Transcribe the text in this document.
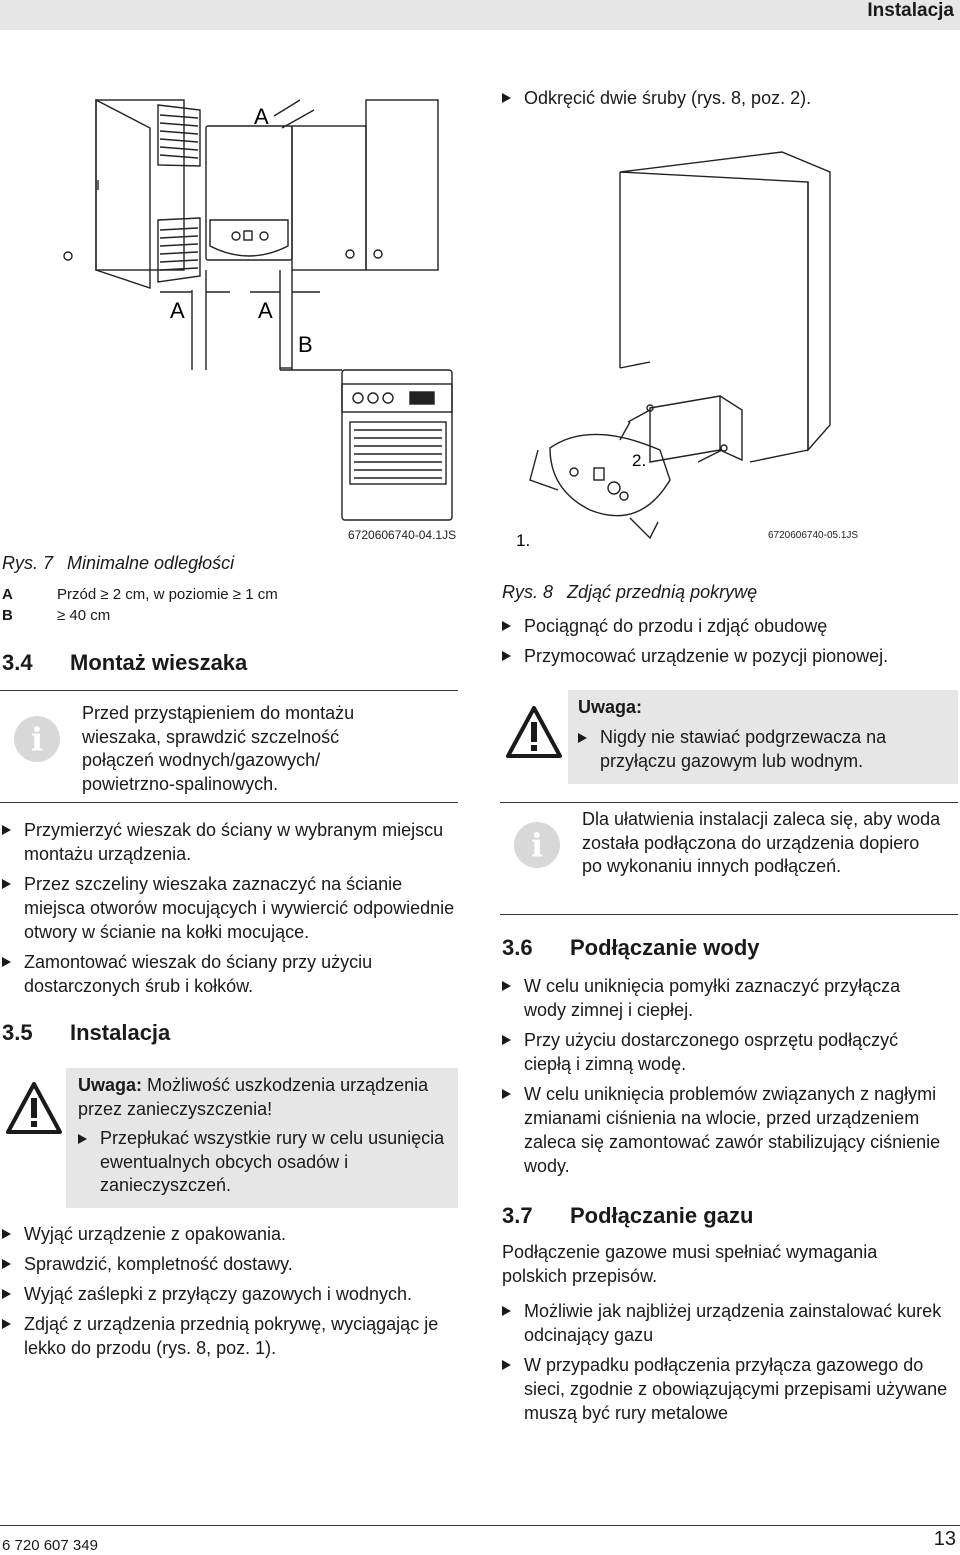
Instalacja
A
A	A
B
6720606740-04.1JS
Rys. 7 Minimalne odległości
A	Przód ≥ 2 cm, w poziomie ≥ 1 cm
B	≥ 40 cm
3.4 Montaż wieszaka
i
Przed przystąpieniem do montażu wieszaka, sprawdzić szczelność połączeń wodnych/gazowych/ powietrzno-spalinowych.
Przymierzyć wieszak do ściany w wybranym miejscu montażu urządzenia.
Przez szczeliny wieszaka zaznaczyć na ścianie miejsca otworów mocujących i wywiercić odpowiednie otwory w ścianie na kołki mocujące.
Zamontować wieszak do ściany przy użyciu dostarczonych śrub i kołków.
3.5 Instalacja
Uwaga: Możliwość uszkodzenia urządzenia przez zanieczyszczenia!
Przepłukać wszystkie rury w celu usunięcia ewentualnych obcych osadów i zanieczyszczeń.
Wyjąć urządzenie z opakowania.
Sprawdzić, kompletność dostawy.
Wyjąć zaślepki z przyłączy gazowych i wodnych.
Zdjąć z urządzenia przednią pokrywę, wyciągając je lekko do przodu (rys. 8, poz. 1).
Odkręcić dwie śruby (rys. 8, poz. 2).
2.
1.	6720606740-05.1JS
Rys. 8 Zdjąć przednią pokrywę
Pociągnąć do przodu i zdjąć obudowę
Przymocować urządzenie w pozycji pionowej.
Uwaga:
Nigdy nie stawiać podgrzewacza na przyłączu gazowym lub wodnym.
i
Dla ułatwienia instalacji zaleca się, aby woda została podłączona do urządzenia dopiero po wykonaniu innych podłączeń.
3.6 Podłączanie wody
W celu uniknięcia pomyłki zaznaczyć przyłącza wody zimnej i ciepłej.
Przy użyciu dostarczonego osprzętu podłączyć ciepłą i zimną wodę.
W celu uniknięcia problemów związanych z nagłymi zmianami ciśnienia na wlocie, przed urządzeniem zaleca się zamontować zawór stabilizujący ciśnienie wody.
3.7 Podłączanie gazu
Podłączenie gazowe musi spełniać wymagania polskich przepisów.
Możliwie jak najbliżej urządzenia zainstalować kurek odcinający gazu
W przypadku podłączenia przyłącza gazowego do sieci, zgodnie z obowiązującymi przepisami używane muszą być rury metalowe
6 720 607 349	13
